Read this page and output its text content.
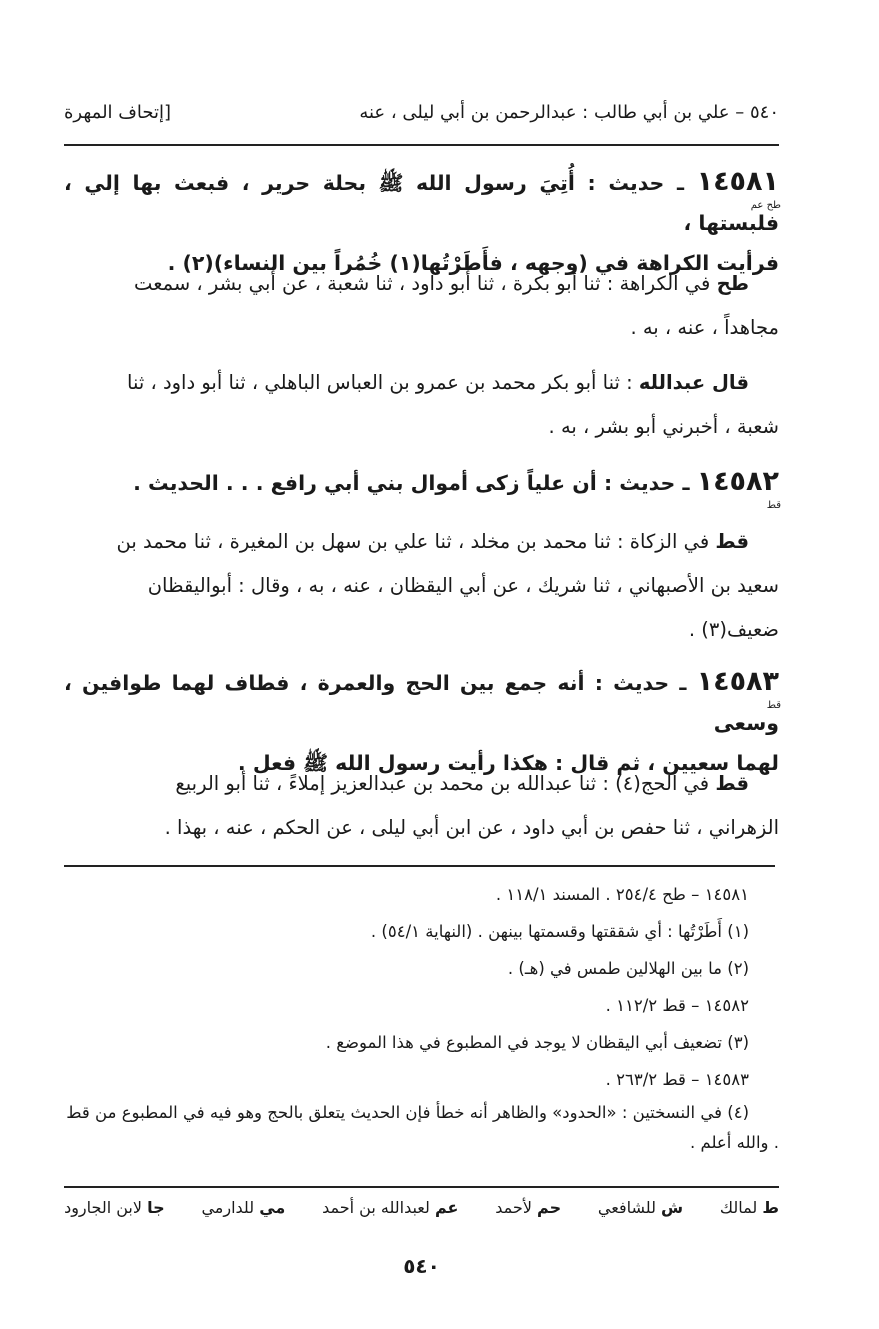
٥٤٠ – علي بن أبي طالب : عبدالرحمن بن أبي ليلى ، عنه
[إتحاف المهرة

١٤٥٨١
طح عم
ـ حديث : أُتِيَ رسول الله ﷺ بحلة حرير ، فبعث بها إلي ، فلبستها ،

فرأيت الكراهة في (وجهه ، فأَطَرْتُها(١) خُمُراً بين النساء)(٢) .

طح في الكراهة : ثنا أبو بكرة ، ثنا أبو داود ، ثنا شعبة ، عن أبي بشر ، سمعت

مجاهداً ، عنه ، به .

قال عبدالله : ثنا أبو بكر محمد بن عمرو بن العباس الباهلي ، ثنا أبو داود ، ثنا

شعبة ، أخبرني أبو بشر ، به .

١٤٥٨٢
قط
ـ حديث : أن علياً زكى أموال بني أبي رافع . . . الحديث .

قط في الزكاة : ثنا محمد بن مخلد ، ثنا علي بن سهل بن المغيرة ، ثنا محمد بن

سعيد بن الأصبهاني ، ثنا شريك ، عن أبي اليقظان ، عنه ، به ، وقال : أبواليقظان

ضعيف(٣) .

١٤٥٨٣
قط
ـ حديث : أنه جمع بين الحج والعمرة ، فطاف لهما طوافين ، وسعى

لهما سعيين ، ثم قال : هكذا رأيت رسول الله ﷺ فعل .

قط في الحج(٤) : ثنا عبدالله بن محمد بن عبدالعزيز إملاءً ، ثنا أبو الربيع

الزهراني ، ثنا حفص بن أبي داود ، عن ابن أبي ليلى ، عن الحكم ، عنه ، بهذا .

١٤٥٨١ – طح ٢٥٤/٤ . المسند ١١٨/١ .
(١) أَطَرْتُها : أي شققتها وقسمتها بينهن . (النهاية ٥٤/١) .
(٢) ما بين الهلالين طمس في (هـ) .
١٤٥٨٢ – قط ١١٢/٢ .
(٣) تضعيف أبي اليقظان لا يوجد في المطبوع في هذا الموضع .
١٤٥٨٣ – قط ٢٦٣/٢ .
(٤) في النسختين : «الحدود» والظاهر أنه خطأ فإن الحديث يتعلق بالحج وهو فيه في المطبوع من قط . والله أعلم .
ط لمالك
ش للشافعي
حم لأحمد
عم لعبدالله بن أحمد
مي للدارمي
جا لابن الجارود
٥٤٠
